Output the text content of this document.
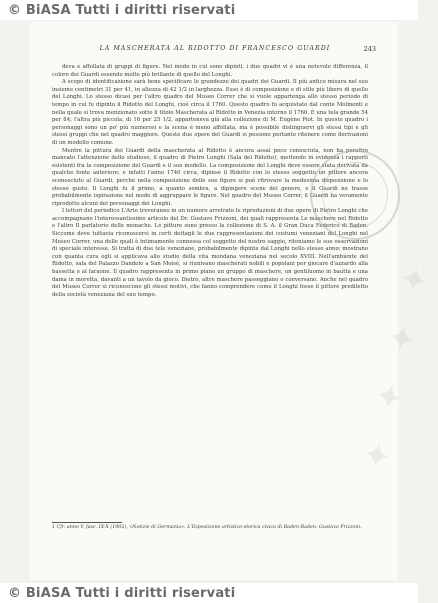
© BiASA Tutti i diritti riservati
LA MASCHERATA AL RIDOTTO DI FRANCESCO GUARDI	243

deva e affollata di gruppi di figure. Nel modo in cui sono dipinti, i due quadri vi è una notevole differenza, il colore dei Guardi essendo molto più brillante di quello del Longhi.

A scopo di identificazione sarà bene specificare le grandezze dei quadri dei Guardi. Il più antico misura nel suo insieme centimetri 31 per 41, in altezza di 42 1/2 in larghezza. Esso è di composizione e di stile più libero di quello del Longhi. Lo stesso dicasi per l'altro quadro del Museo Correr che si vuole appartenga allo stesso periodo di tempo in cui fu dipinto il Ridotto del Longhi, cioè circa il 1760. Questo quadro fu acquistato dal conte Molmenti e nella quale si trova menzionato sotto il titolo Mascherata al Ridotto in Venezia intorno il 1760. È una tela grande 54 per 84; l'altra più piccola, di 16 per 25 1/2, apparteneva già alla collezione di M. Eugène Piot. In questo quadro i personaggi sono un po' più numerosi e la scena è meno affollata, ma è possibile distinguervi gli stessi tipi e gli stessi gruppi che nel quadro maggiore. Queste due opere del Guardi si possono pertanto ritenere come derivazioni di un modello comune.

Mentre la pittura dei Guardi della mascherata al Ridotto è ancora assai poco conosciuta, non ha peraltro mancato l'attenzione dello studioso, il quadro di Pietro Longhi (Sala del Ridotto), mettendo in evidenza i rapporti esistenti fra la composizione del Guardi e il suo modello. La composizione del Longhi deve essere stata derivata da qualche fonte anteriore; e infatti l'anno 1740 circa, dipinse il Ridotto con lo stesso soggetto un pittore ancora sconosciuto al Guardi, perchè nella composizione delle sue figure si può ritrovare la medesima disposizione e lo stesso gusto. Il Longhi fu il primo, a quanto sembra, a dipingere scene del genere, e il Guardi ne trasse probabilmente ispirazione nel modo di aggruppare le figure. Nel quadro del Museo Correr, il Guardi ha veramente riprodotto alcuni dei personaggi del Longhi.

I lettori del periodico L'Arte troveranno in un numero arretrato le riproduzioni di due opere di Pietro Longhi che accompagnano l'interessantissimo articolo del Dr. Gustavo Frizzoni, dei quali rappresenta Le maschere nel Ridotto e l'altro Il parlatorio delle monache. Le pitture sono presso la collezione di S. A. il Gran Duca Federico di Baden. Siccome deve tuttavia riconoscersi in certi dettagli le due rappresentazioni dei costumi veneziani del Longhi nel Museo Correr, una delle quali è intimamente connessa col soggetto del nostro saggio, riteniamo le sue osservazioni di speciale interesse. Si tratta di due tele veneziane, probabilmente dipinte dal Longhi nello stesso anno; mostrano con quanta cura egli si applicava allo studio della vita mondana veneziana nel secolo XVIII. Nell'ambiente del Ridotto, sala del Palazzo Dandolo a San Moisè, si riunivano mascherati nobili e popolani per giocare d'azzardo alla bassetta e al faraone. Il quadro rappresenta in primo piano un gruppo di maschere, un gentiluomo in bautta e una dama in moretta, davanti a un tavolo da gioco. Dietro, altre maschere passeggiano o conversano. Anche nel quadro del Museo Correr si riconoscono gli stessi motivi, che fanno comprendere come il Longhi fosse il pittore prediletto della società veneziana del suo tempo.

1 Cfr. anno V, fasc. IX-X (1902), «Notizie di Germania». L'Esposizione artistico-storica civica di Baden-Baden. Gustavo Frizzoni.
✦ ✦ ✦ ✦
© BiASA Tutti i diritti riservati
